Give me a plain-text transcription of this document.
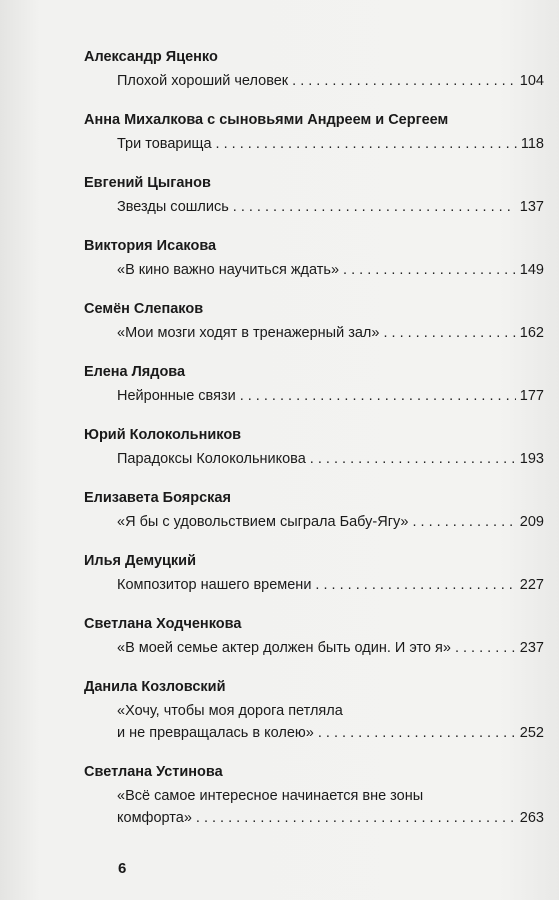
Александр Яценко
Плохой хороший человек . . .	104
Анна Михалкова с сыновьями Андреем и Сергеем
Три товарища . . .	118
Евгений Цыганов
Звезды сошлись . . .	137
Виктория Исакова
«В кино важно научиться ждать» . . .	149
Семён Слепаков
«Мои мозги ходят в тренажерный зал» . . .	162
Елена Лядова
Нейронные связи . . .	177
Юрий Колокольников
Парадоксы Колокольникова . . .	193
Елизавета Боярская
«Я бы с удовольствием сыграла Бабу-Ягу» . . .	209
Илья Демуцкий
Композитор нашего времени . . .	227
Светлана Ходченкова
«В моей семье актер должен быть один. И это я» . . .	237
Данила Козловский
«Хочу, чтобы моя дорога петляла
и не превращалась в колею» . . .	252
Светлана Устинова
«Всё самое интересное начинается вне зоны
комфорта» . . .	263
6
